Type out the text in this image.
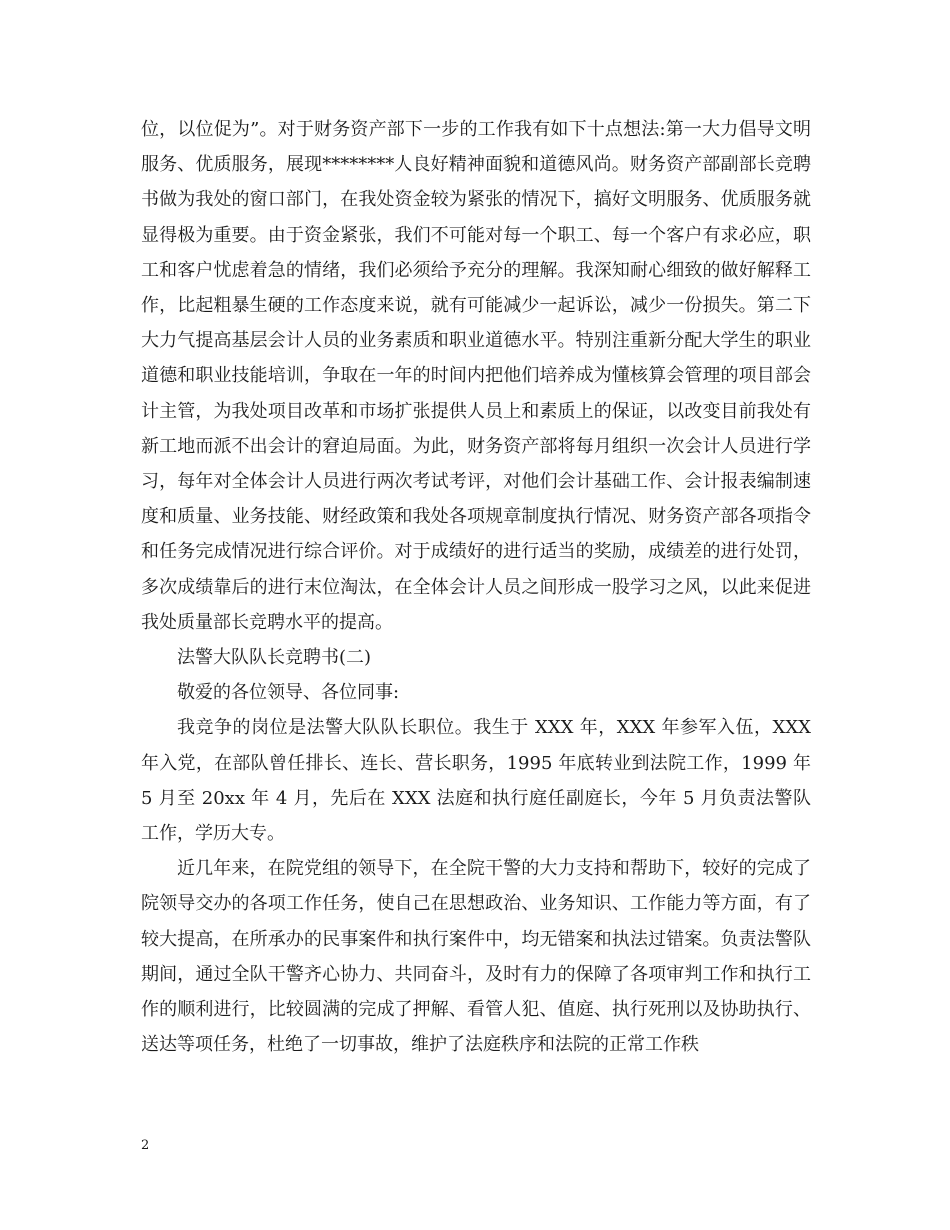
位，以位促为”。对于财务资产部下一步的工作我有如下十点想法:第一大力倡导文明服务、优质服务，展现********人良好精神面貌和道德风尚。财务资产部副部长竞聘书做为我处的窗口部门，在我处资金较为紧张的情况下，搞好文明服务、优质服务就显得极为重要。由于资金紧张，我们不可能对每一个职工、每一个客户有求必应，职工和客户忧虑着急的情绪，我们必须给予充分的理解。我深知耐心细致的做好解释工作，比起粗暴生硬的工作态度来说，就有可能减少一起诉讼，减少一份损失。第二下大力气提高基层会计人员的业务素质和职业道德水平。特别注重新分配大学生的职业道德和职业技能培训，争取在一年的时间内把他们培养成为懂核算会管理的项目部会计主管，为我处项目改革和市场扩张提供人员上和素质上的保证，以改变目前我处有新工地而派不出会计的窘迫局面。为此，财务资产部将每月组织一次会计人员进行学习，每年对全体会计人员进行两次考试考评，对他们会计基础工作、会计报表编制速度和质量、业务技能、财经政策和我处各项规章制度执行情况、财务资产部各项指令和任务完成情况进行综合评价。对于成绩好的进行适当的奖励，成绩差的进行处罚，多次成绩靠后的进行末位淘汰，在全体会计人员之间形成一股学习之风，以此来促进我处质量部长竞聘水平的提高。

法警大队队长竞聘书(二)

敬爱的各位领导、各位同事:

我竞争的岗位是法警大队队长职位。我生于 XXX 年，XXX 年参军入伍，XXX 年入党，在部队曾任排长、连长、营长职务，1995 年底转业到法院工作，1999 年 5 月至 20xx 年 4 月，先后在 XXX 法庭和执行庭任副庭长，今年 5 月负责法警队工作，学历大专。

近几年来，在院党组的领导下，在全院干警的大力支持和帮助下，较好的完成了院领导交办的各项工作任务，使自己在思想政治、业务知识、工作能力等方面，有了较大提高，在所承办的民事案件和执行案件中，均无错案和执法过错案。负责法警队期间，通过全队干警齐心协力、共同奋斗，及时有力的保障了各项审判工作和执行工作的顺利进行，比较圆满的完成了押解、看管人犯、值庭、执行死刑以及协助执行、送达等项任务，杜绝了一切事故，维护了法庭秩序和法院的正常工作秩

2
